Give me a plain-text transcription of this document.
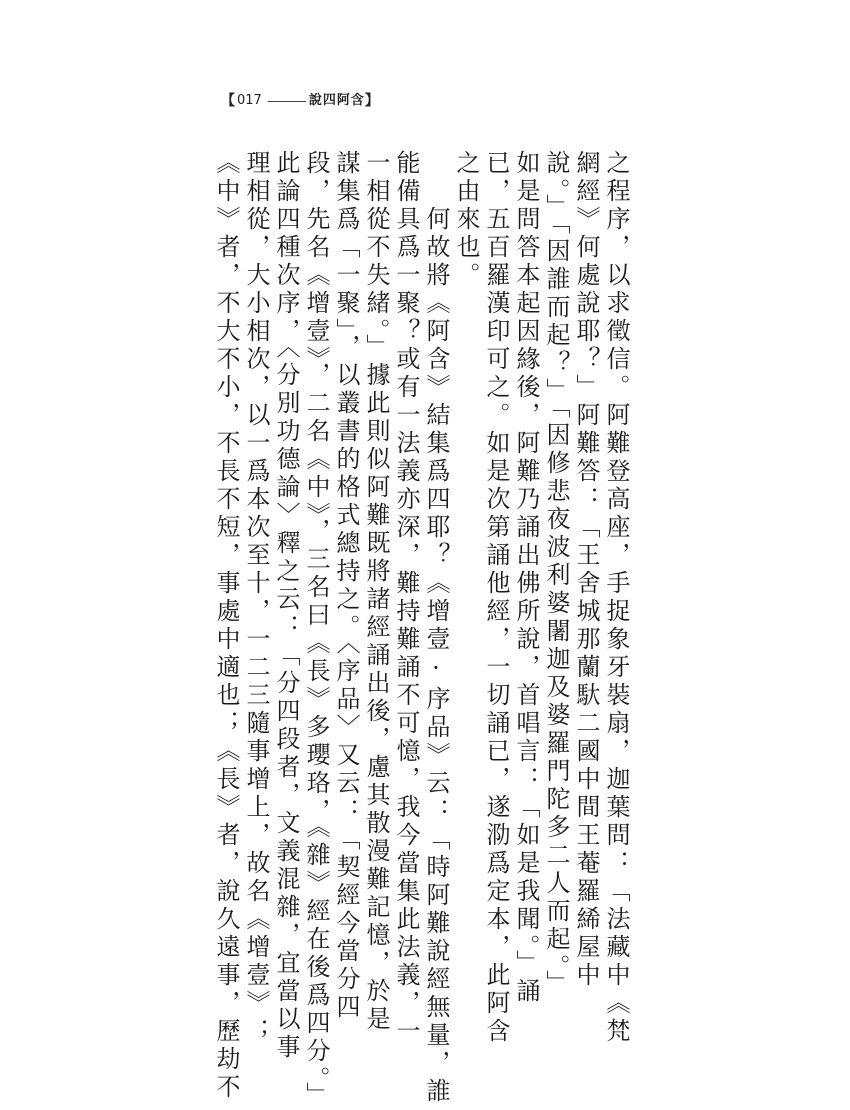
【 017	說四阿含 】
之程序，以求徵信。阿難登高座，手捉象牙裝扇，迦葉問：「法藏中《梵
網經》何處說耶？」阿難答：「王舍城那蘭馱二國中間王菴羅絺屋中
說。」「因誰而起？」「因修悲夜波利婆闍迦及婆羅門陀多二人而起。」
如是問答本起因緣後，阿難乃誦出佛所說，首唱言：「如是我聞。」誦
已，五百羅漢印可之。如是次第誦他經，一切誦已，遂泐爲定本，此阿含
之由來也。
何故將《阿含》結集爲四耶？《增壹·序品》云：「時阿難說經無量，誰
能備具爲一聚？或有一法義亦深，難持難誦不可憶，我今當集此法義，一
一相從不失緒。」據此則似阿難既將諸經誦出後，慮其散漫難記憶，於是
謀集爲「一聚」，以叢書的格式總持之。〈序品〉又云：「契經今當分四
段，先名《增壹》，二名《中》，三名曰《長》多瓔珞，《雜》經在後爲四分。」
此論四種次序，〈分別功德論〉釋之云：「分四段者，文義混雜，宜當以事
理相從，大小相次，以一爲本次至十，一二三隨事增上，故名《增壹》；
《中》者，不大不小，不長不短，事處中適也；《長》者，說久遠事，歷劫不
